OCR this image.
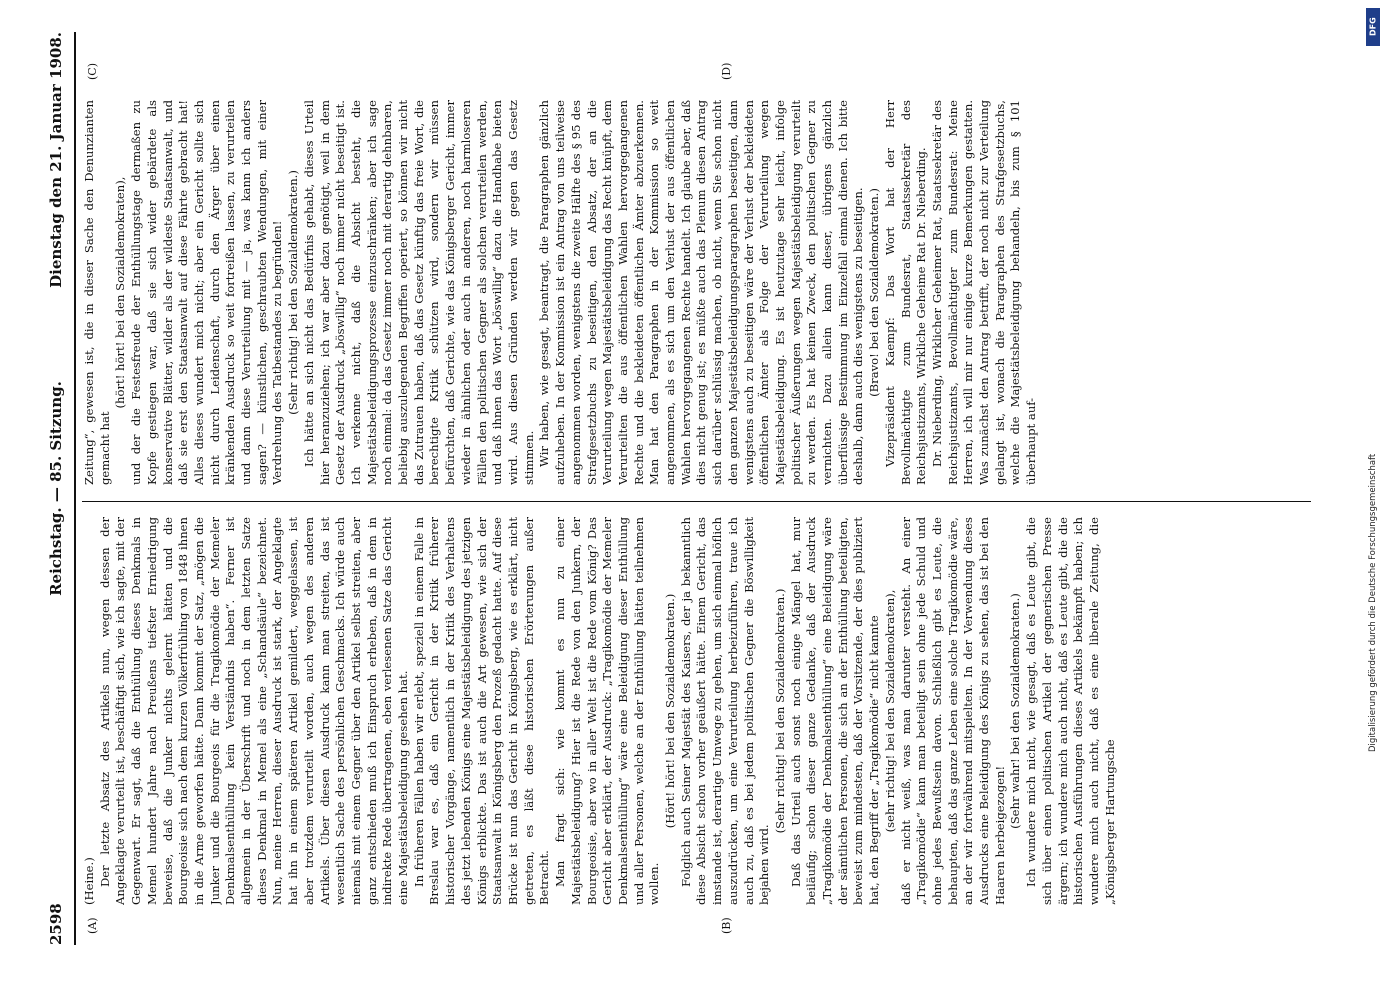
2598
Reichstag. — 85. Sitzung.
Dienstag den 21. Januar 1908.
(A)	(B)
(C)	(D)

(Heine.) Der letzte Absatz des Artikels nun, wegen dessen der Angeklagte verurteilt ist, beschäftigt sich, wie ich sagte, mit der Gegenwart. Er sagt, daß die Enthüllung dieses Denkmals in Memel hundert Jahre nach Preußens tiefster Erniedrigung beweise, daß die Junker nichts gelernt hätten und die Bourgeoisie sich nach dem kurzen Völkerfrühling von 1848 ihnen in die Arme geworfen hätte. Dann kommt der Satz, „mögen die Junker und die Bourgeois für die Tragikomödie der Memeler Denkmalsenthüllung kein Verständnis haben“. Ferner ist allgemein in der Überschrift und noch in dem letzten Satze dieses Denkmal in Memel als eine „Schandsäule“ bezeichnet. Nun, meine Herren, dieser Ausdruck ist stark, der Angeklagte hat ihn in einem späteren Artikel gemildert, weggelassen, ist aber trotzdem verurteilt worden, auch wegen des anderen Artikels. Über diesen Ausdruck kann man streiten, das ist wesentlich Sache des persönlichen Geschmacks. Ich würde auch niemals mit einem Gegner über den Artikel selbst streiten, aber ganz entschieden muß ich Einspruch erheben, daß in dem in indirekte Rede übertragenen, eben verlesenen Satze das Gericht eine Majestätsbeleidigung gesehen hat. In früheren Fällen haben wir erlebt, speziell in einem Falle in Breslau war es, daß ein Gericht in der Kritik früherer historischer Vorgänge, namentlich in der Kritik des Verhaltens des jetzt lebenden Königs eine Majestätsbeleidigung des jetzigen Königs erblickte. Das ist auch die Art gewesen, wie sich der Staatsanwalt in Königsberg den Prozeß gedacht hatte. Auf diese Brücke ist nun das Gericht in Königsberg, wie es erklärt, nicht getreten, es läßt diese historischen Erörterungen außer Betracht. Man fragt sich: wie kommt es nun zu einer Majestätsbeleidigung? Hier ist die Rede von den Junkern, der Bourgeoisie, aber wo in aller Welt ist die Rede vom König? Das Gericht aber erklärt, der Ausdruck: „Tragikomödie der Memeler Denkmalsenthüllung“ wäre eine Beleidigung dieser Enthüllung und aller Personen, welche an der Enthüllung hätten teilnehmen wollen.

(Hört! hört! bei den Sozialdemokraten.) Folglich auch Seiner Majestät des Kaisers, der ja bekanntlich diese Absicht schon vorher geäußert hätte. Einem Gericht, das imstande ist, derartige Umwege zu gehen, um sich einmal höflich auszudrücken, um eine Verurteilung herbeizuführen, traue ich auch zu, daß es bei jedem politischen Gegner die Böswilligkeit bejahen wird.

(Sehr richtig! bei den Sozialdemokraten.) Daß das Urteil auch sonst noch einige Mängel hat, mur beiläufig; schon dieser ganze Gedanke, daß der Ausdruck „Tragikomödie der Denkmalsenthüllung“ eine Beleidigung wäre der sämtlichen Personen, die sich an der Enthüllung beteiligten, beweist zum mindesten, daß der Vorsitzende, der dies publiziert hat, den Begriff der „Tragikomödie“ nicht kannte (sehr richtig! bei den Sozialdemokraten), daß er nicht weiß, was man darunter versteht. An einer „Tragikomödie“ kann man beteiligt sein ohne jede Schuld und ohne jedes Bewußtsein davon. Schließlich gibt es Leute, die behaupten, daß das ganze Leben eine solche Tragikomödie wäre, an der wir fortwährend mitspielten. In der Verwendung dieses Ausdrucks eine Beleidigung des Königs zu sehen, das ist bei den Haaren herbeigezogen!

(Sehr wahr! bei den Sozialdemokraten.) Ich wundere mich nicht, wie gesagt, daß es Leute gibt, die sich über einen politischen Artikel der gegnerischen Presse ärgern; ich wundere mich auch nicht, daß es Leute gibt, die die historischen Ausführungen dieses Artikels bekämpft haben; ich wundere mich auch nicht, daß es eine liberale Zeitung, die „Königsberger Hartungsche

Zeitung“, gewesen ist, die in dieser Sache den Denunzianten gemacht hat

(hört! hört! bei den Sozialdemokraten), und der die Festesfreude der Enthüllungstage dermaßen zu Kopfe gestiegen war, daß sie sich wider gebärdete als konservative Blätter, wilder als der wildeste Staatsanwalt, und daß sie erst den Staatsanwalt auf diese Fährte gebracht hat! Alles dieses wundert mich nicht; aber ein Gericht sollte sich nicht durch Leidenschaft, durch den Ärger über einen kränkenden Ausdruck so weit fortreißen lassen, zu verurteilen und dann diese Verurteilung mit — ja, was kann ich anders sagen? — künstlichen, geschraubten Wendungen, mit einer Verdrehung des Tatbestandes zu begründen! (Sehr richtig! bei den Sozialdemokraten.) Ich hätte an sich nicht das Bedürfnis gehabt, dieses Urteil hier heranzuziehen; ich war aber dazu genötigt, weil in dem Gesetz der Ausdruck „böswillig“ noch immer nicht beseitigt ist. Ich verkenne nicht, daß die Absicht besteht, die Majestätsbeleidigungsprozesse einzuschränken; aber ich sage noch einmal: da das Gesetz immer noch mit derartig dehnbaren, beliebig auszulegenden Begriffen operiert, so können wir nicht das Zutrauen haben, daß das Gesetz künftig das freie Wort, die berechtigte Kritik schützen wird, sondern wir müssen befürchten, daß Gerichte, wie das Königsberger Gericht, immer wieder in ähnlichen oder auch in anderen, noch harmloseren Fällen den politischen Gegner als solchen verurteilen werden, und daß ihnen das Wort „böswillig“ dazu die Handhabe bieten wird. Aus diesen Gründen werden wir gegen das Gesetz stimmen. Wir haben, wie gesagt, beantragt, die Paragraphen gänzlich aufzuheben. In der Kommission ist ein Antrag von uns teilweise angenommen worden, wenigstens die zweite Hälfte des § 95 des Strafgesetzbuchs zu beseitigen, den Absatz, der an die Verurteilung wegen Majestätsbeleidigung das Recht knüpft, dem Verurteilten die aus öffentlichen Wahlen hervorgegangenen Rechte und die bekleideten öffentlichen Ämter abzuerkennen. Man hat den Paragraphen in der Kommission so weit angenommen, als es sich um den Verlust der aus öffentlichen Wahlen hervorgegangenen Rechte handelt. Ich glaube aber, daß dies nicht genug ist; es müßte auch das Plenum diesen Antrag sich darüber schlüssig machen, ob nicht, wenn Sie schon nicht den ganzen Majestätsbeleidigungsparagraphen beseitigen, dann wenigstens auch zu beseitigen wäre der Verlust der bekleideten öffentlichen Ämter als Folge der Verurteilung wegen Majestätsbeleidigung. Es ist heutzutage sehr leicht, infolge politischer Äußerungen wegen Majestätsbeleidigung verurteilt zu werden. Es hat keinen Zweck, den politischen Gegner zu vernichten. Dazu allein kann dieser, übrigens gänzlich überflüssige Bestimmung im Einzelfall einmal dienen. Ich bitte deshalb, dann auch dies wenigstens zu beseitigen. (Bravo! bei den Sozialdemokraten.) Vizepräsident Kaempf: Das Wort hat der Herr Bevollmächtigte zum Bundesrat, Staatssekretär des Reichsjustizamts, Wirkliche Geheime Rat Dr. Nieberding. Dr. Nieberding, Wirklicher Geheimer Rat, Staatssekretär des Reichsjustizamts, Bevollmächtigter zum Bundesrat: Meine Herren, ich will mir nur einige kurze Bemerkungen gestatten. Was zunächst den Antrag betrifft, der noch nicht zur Verteilung gelangt ist, wonach die Paragraphen des Strafgesetzbuchs, welche die Majestätsbeleidigung behandeln, bis zum § 101 überhaupt auf-

DFG
Digitalisierung gefördert durch die Deutsche Forschungsgemeinschaft
